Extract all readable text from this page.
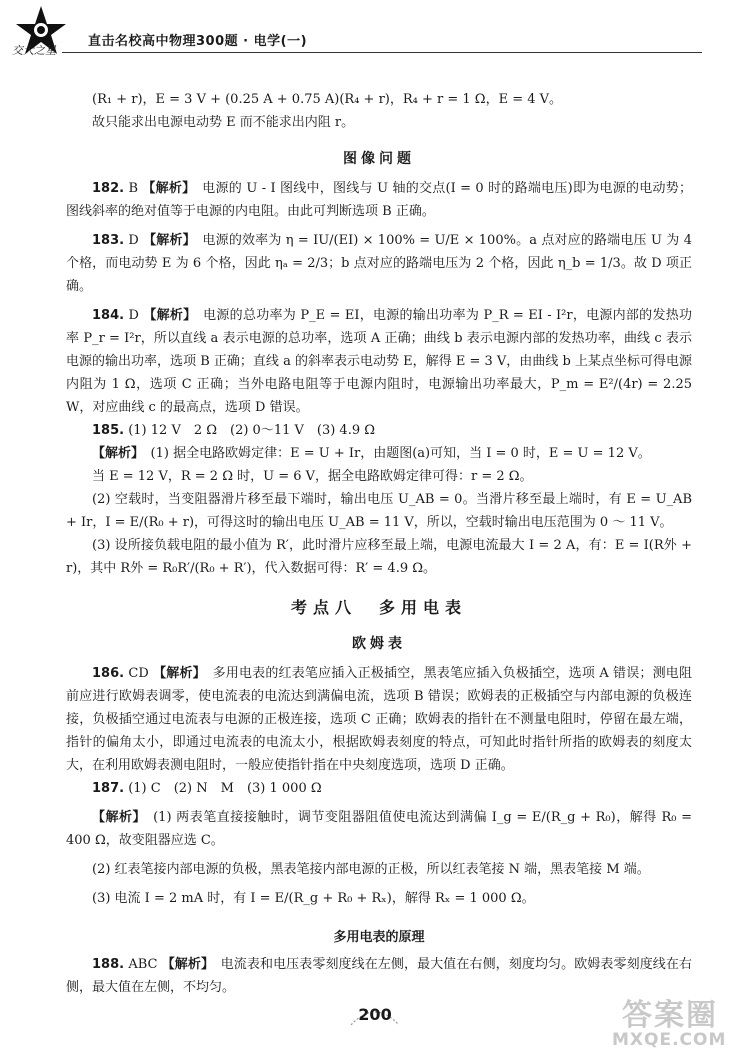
交大之星
直击名校高中物理300题 · 电学(一)

(R₁ + r)，E = 3 V + (0.25 A + 0.75 A)(R₄ + r)，R₄ + r = 1 Ω，E = 4 V。

故只能求出电源电动势 E 而不能求出内阻 r。

图像问题

182. B 【解析】　 电源的 U - I 图线中，图线与 U 轴的交点(I = 0 时的路端电压)即为电源的电动势；图线斜率的绝对值等于电源的内电阻。由此可判断选项 B 正确。

183. D 【解析】　 电源的效率为 η = IU/(EI) × 100% = U/E × 100%。a 点对应的路端电压 U 为 4 个格，而电动势 E 为 6 个格，因此 ηₐ = 2/3；b 点对应的路端电压为 2 个格，因此 η_b = 1/3。故 D 项正确。

184. D 【解析】　 电源的总功率为 P_E = EI，电源的输出功率为 P_R = EI - I²r，电源内部的发热功率 P_r = I²r，所以直线 a 表示电源的总功率，选项 A 正确；曲线 b 表示电源内部的发热功率，曲线 c 表示电源的输出功率，选项 B 正确；直线 a 的斜率表示电动势 E，解得 E = 3 V，由曲线 b 上某点坐标可得电源内阻为 1 Ω，选项 C 正确；当外电路电阻等于电源内阻时，电源输出功率最大，P_m = E²/(4r) = 2.25 W，对应曲线 c 的最高点，选项 D 错误。

185. (1) 12 V　2 Ω　(2) 0～11 V　(3) 4.9 Ω

【解析】　 (1) 据全电路欧姆定律：E = U + Ir，由题图(a)可知，当 I = 0 时，E = U = 12 V。

当 E = 12 V，R = 2 Ω 时，U = 6 V，据全电路欧姆定律可得：r = 2 Ω。

(2) 空载时，当变阻器滑片移至最下端时，输出电压 U_AB = 0。当滑片移至最上端时，有 E = U_AB + Ir，I = E/(R₀ + r)，可得这时的输出电压 U_AB = 11 V，所以，空载时输出电压范围为 0 ～ 11 V。

(3) 设所接负载电阻的最小值为 R′，此时滑片应移至最上端，电源电流最大 I = 2 A，有：E = I(R外 + r)，其中 R外 = R₀R′/(R₀ + R′)，代入数据可得：R′ = 4.9 Ω。

考点八　多用电表
欧姆表

186. CD 【解析】　 多用电表的红表笔应插入正极插空，黑表笔应插入负极插空，选项 A 错误；测电阻前应进行欧姆表调零，使电流表的电流达到满偏电流，选项 B 错误；欧姆表的正极插空与内部电源的负极连接，负极插空通过电流表与电源的正极连接，选项 C 正确；欧姆表的指针在不测量电阻时，停留在最左端，指针的偏角太小，即通过电流表的电流太小，根据欧姆表刻度的特点，可知此时指针所指的欧姆表的刻度太大，在利用欧姆表测电阻时，一般应使指针指在中央刻度选项，选项 D 正确。

187. (1) C　(2) N　M　(3) 1 000 Ω

【解析】　 (1) 两表笔直接接触时，调节变阻器阻值使电流达到满偏 I_g = E/(R_g + R₀)，解得 R₀ = 400 Ω，故变阻器应选 C。

(2) 红表笔接内部电源的负极，黑表笔接内部电源的正极，所以红表笔接 N 端，黑表笔接 M 端。

(3) 电流 I = 2 mA 时，有 I = E/(R_g + R₀ + Rₓ)，解得 Rₓ = 1 000 Ω。

多用电表的原理

188. ABC 【解析】　 电流表和电压表零刻度线在左侧，最大值在右侧，刻度均匀。欧姆表零刻度线在右侧，最大值在左侧，不均匀。

200	答案圈
MXQE.COM
